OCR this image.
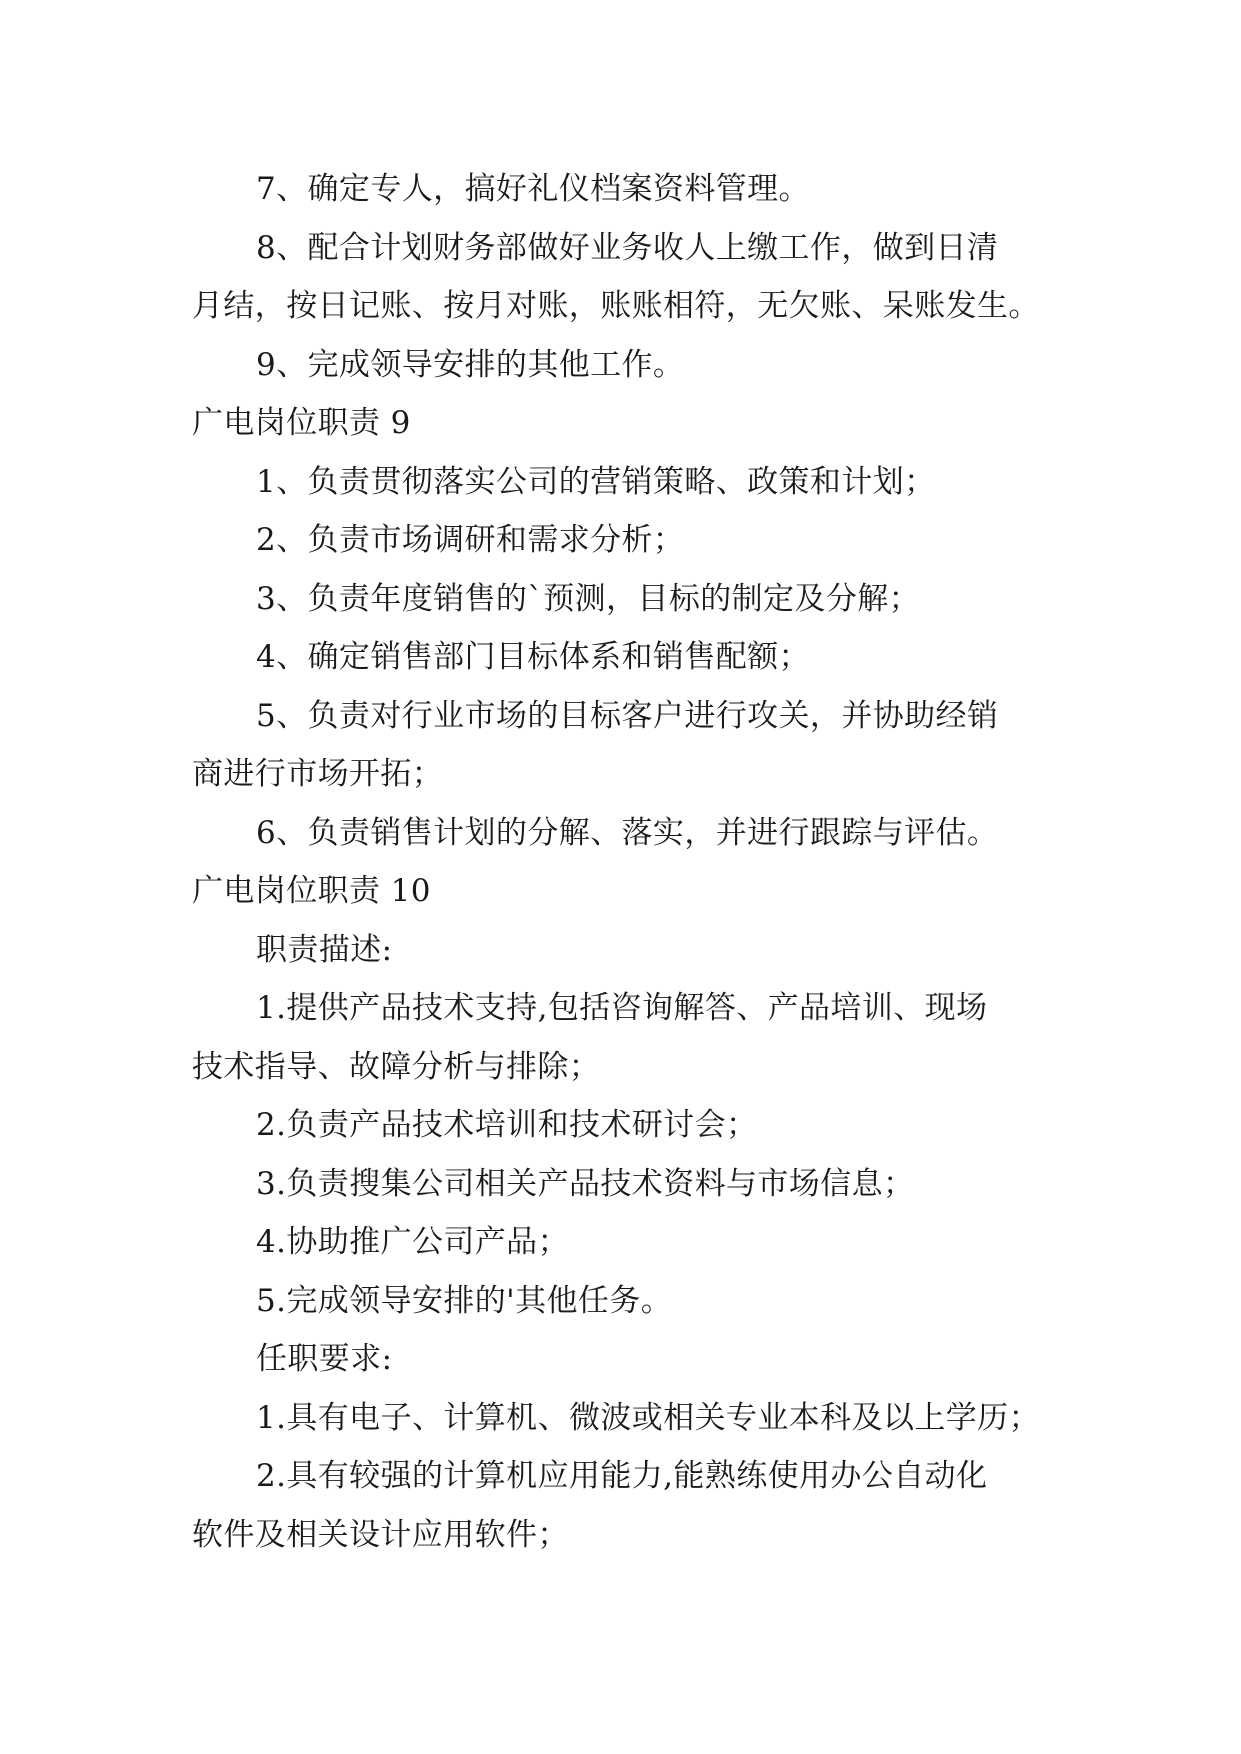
7、确定专人，搞好礼仪档案资料管理。

8、配合计划财务部做好业务收人上缴工作，做到日清

月结，按日记账、按月对账，账账相符，无欠账、呆账发生。

9、完成领导安排的其他工作。

广电岗位职责 9

1、负责贯彻落实公司的营销策略、政策和计划；

2、负责市场调研和需求分析；

3、负责年度销售的`预测，目标的制定及分解；

4、确定销售部门目标体系和销售配额；

5、负责对行业市场的目标客户进行攻关，并协助经销

商进行市场开拓；

6、负责销售计划的分解、落实，并进行跟踪与评估。

广电岗位职责 10

职责描述:

1.提供产品技术支持,包括咨询解答、产品培训、现场

技术指导、故障分析与排除；

2.负责产品技术培训和技术研讨会；

3.负责搜集公司相关产品技术资料与市场信息；

4.协助推广公司产品；

5.完成领导安排的'其他任务。

任职要求:

1.具有电子、计算机、微波或相关专业本科及以上学历；

2.具有较强的计算机应用能力,能熟练使用办公自动化

软件及相关设计应用软件；
